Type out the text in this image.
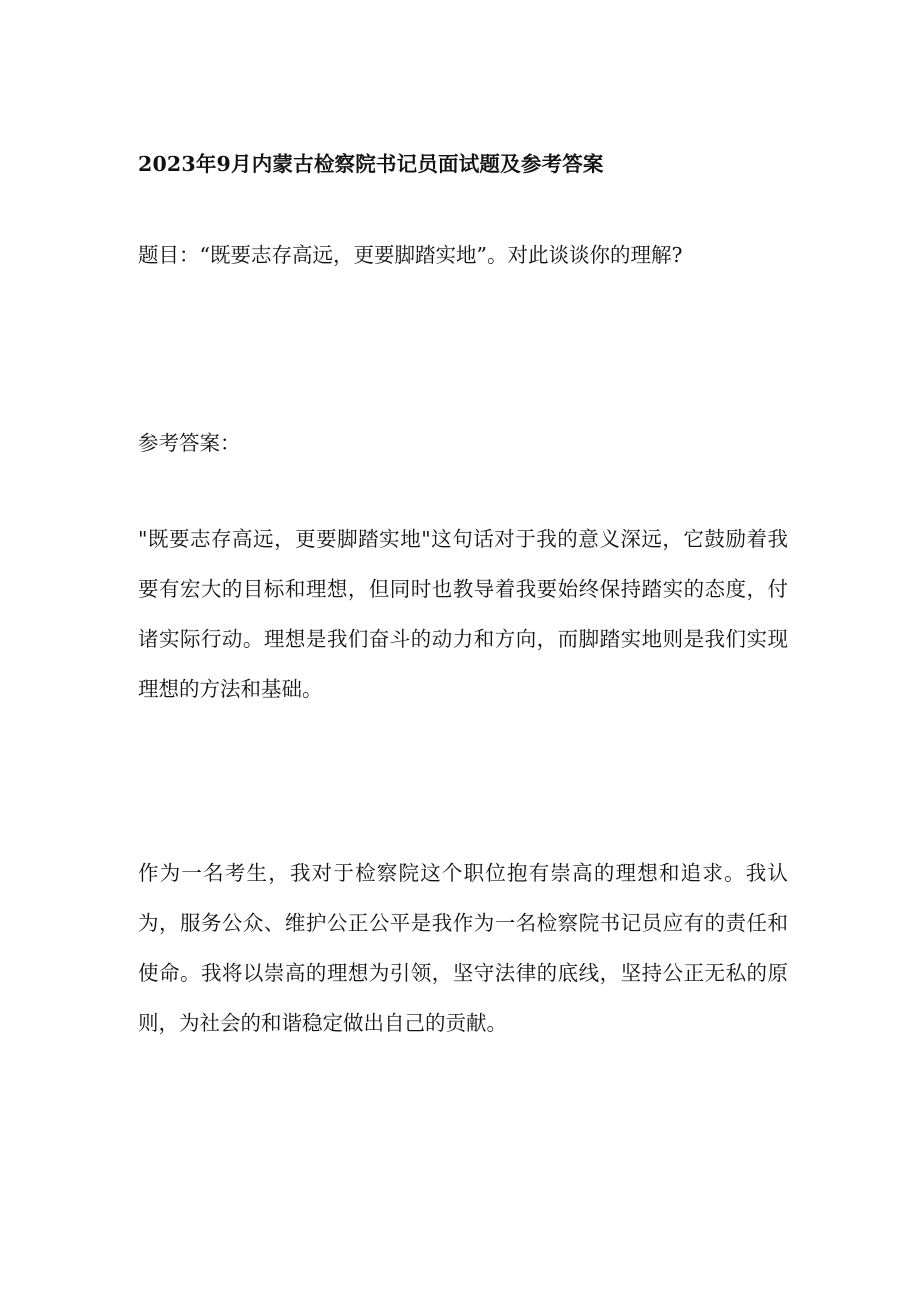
2023年9月内蒙古检察院书记员面试题及参考答案
题目：“既要志存高远，更要脚踏实地”。对此谈谈你的理解?
参考答案：
"既要志存高远，更要脚踏实地"这句话对于我的意义深远，它鼓励着我要有宏大的目标和理想，但同时也教导着我要始终保持踏实的态度，付诸实际行动。理想是我们奋斗的动力和方向，而脚踏实地则是我们实现理想的方法和基础。
作为一名考生，我对于检察院这个职位抱有崇高的理想和追求。我认为，服务公众、维护公正公平是我作为一名检察院书记员应有的责任和使命。我将以崇高的理想为引领，坚守法律的底线，坚持公正无私的原则，为社会的和谐稳定做出自己的贡献。
